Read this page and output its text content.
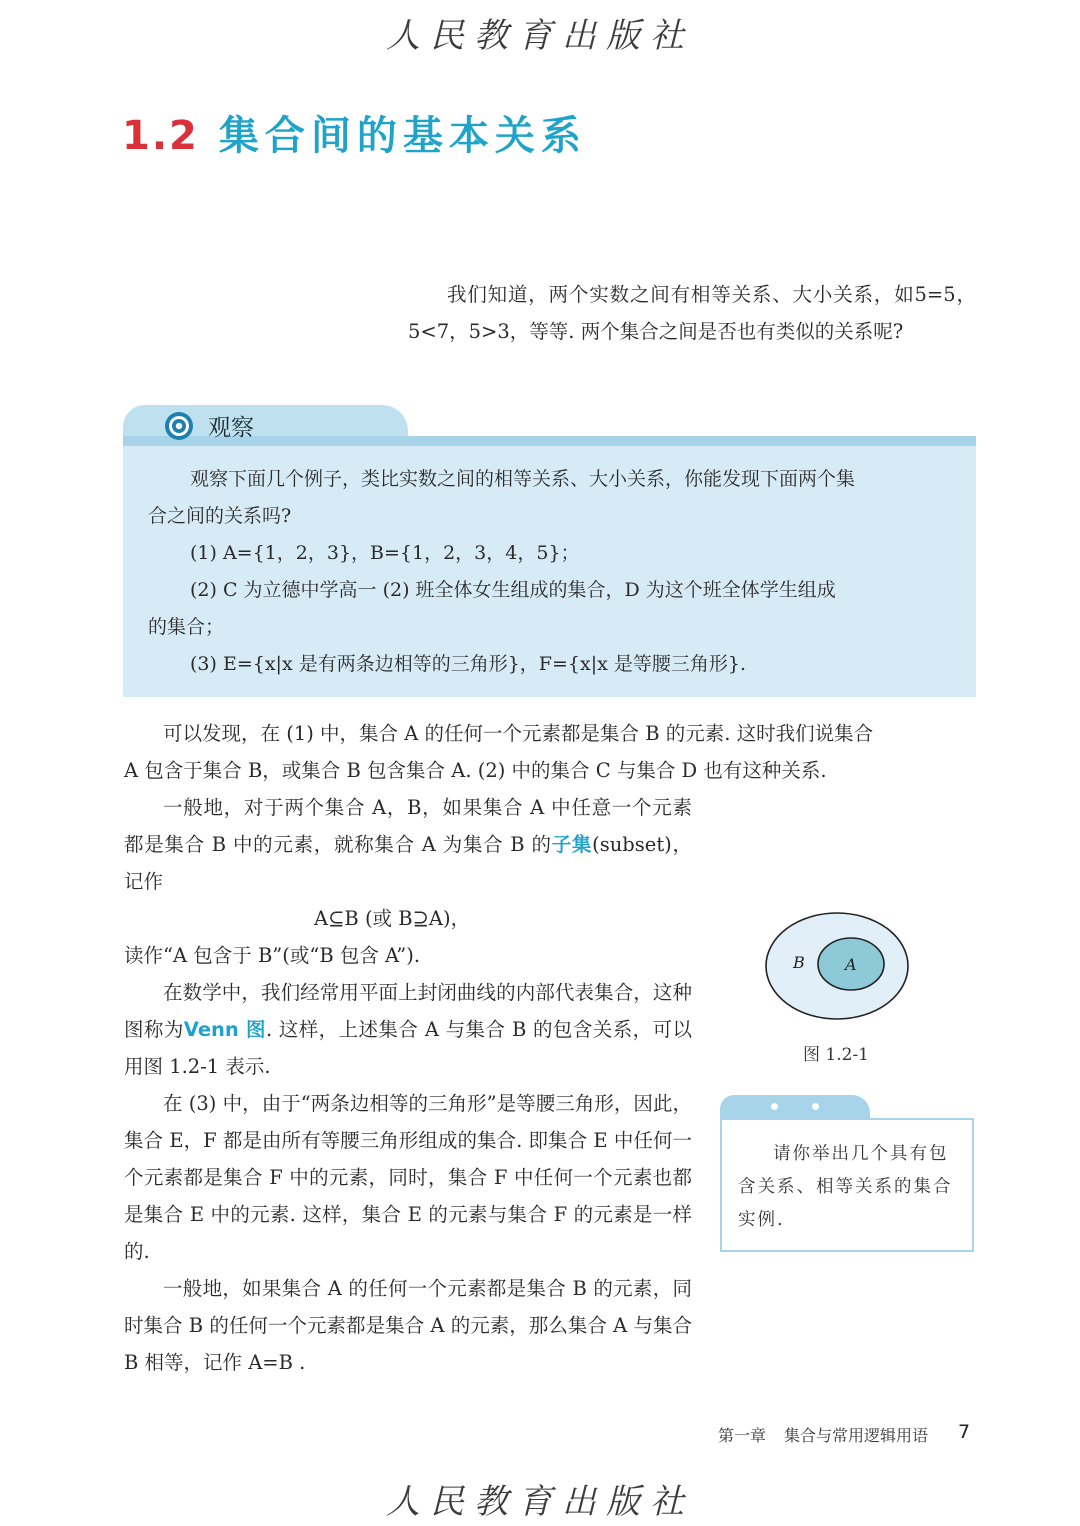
人民教育出版社
1.2 集合间的基本关系
我们知道，两个实数之间有相等关系、大小关系，如5=5，5<7，5>3，等等. 两个集合之间是否也有类似的关系呢?
观察
观察下面几个例子，类比实数之间的相等关系、大小关系，你能发现下面两个集
合之间的关系吗?
(1) A={1，2，3}，B={1，2，3，4，5}；
(2) C 为立德中学高一 (2) 班全体女生组成的集合，D 为这个班全体学生组成
的集合；
(3) E={x|x 是有两条边相等的三角形}，F={x|x 是等腰三角形}.
可以发现，在 (1) 中，集合 A 的任何一个元素都是集合 B 的元素. 这时我们说集合
A 包含于集合 B，或集合 B 包含集合 A. (2) 中的集合 C 与集合 D 也有这种关系.
一般地，对于两个集合 A，B，如果集合 A 中任意一个元素都是集合 B 中的元素，就称集合 A 为集合 B 的子集(subset)，记作
A⊆B (或 B⊇A)，
读作“A 包含于 B”(或“B 包含 A”).
在数学中，我们经常用平面上封闭曲线的内部代表集合，这种图称为Venn 图. 这样，上述集合 A 与集合 B 的包含关系，可以用图 1.2-1 表示.
在 (3) 中，由于“两条边相等的三角形”是等腰三角形，因此，集合 E，F 都是由所有等腰三角形组成的集合. 即集合 E 中任何一个元素都是集合 F 中的元素，同时，集合 F 中任何一个元素也都是集合 E 中的元素. 这样，集合 E 的元素与集合 F 的元素是一样的.
一般地，如果集合 A 的任何一个元素都是集合 B 的元素，同时集合 B 的任何一个元素都是集合 A 的元素，那么集合 A 与集合 B 相等，记作 A=B .
B	A
图 1.2-1
请你举出几个具有包含关系、相等关系的集合实例.
第一章 集合与常用逻辑用语 7
人民教育出版社
